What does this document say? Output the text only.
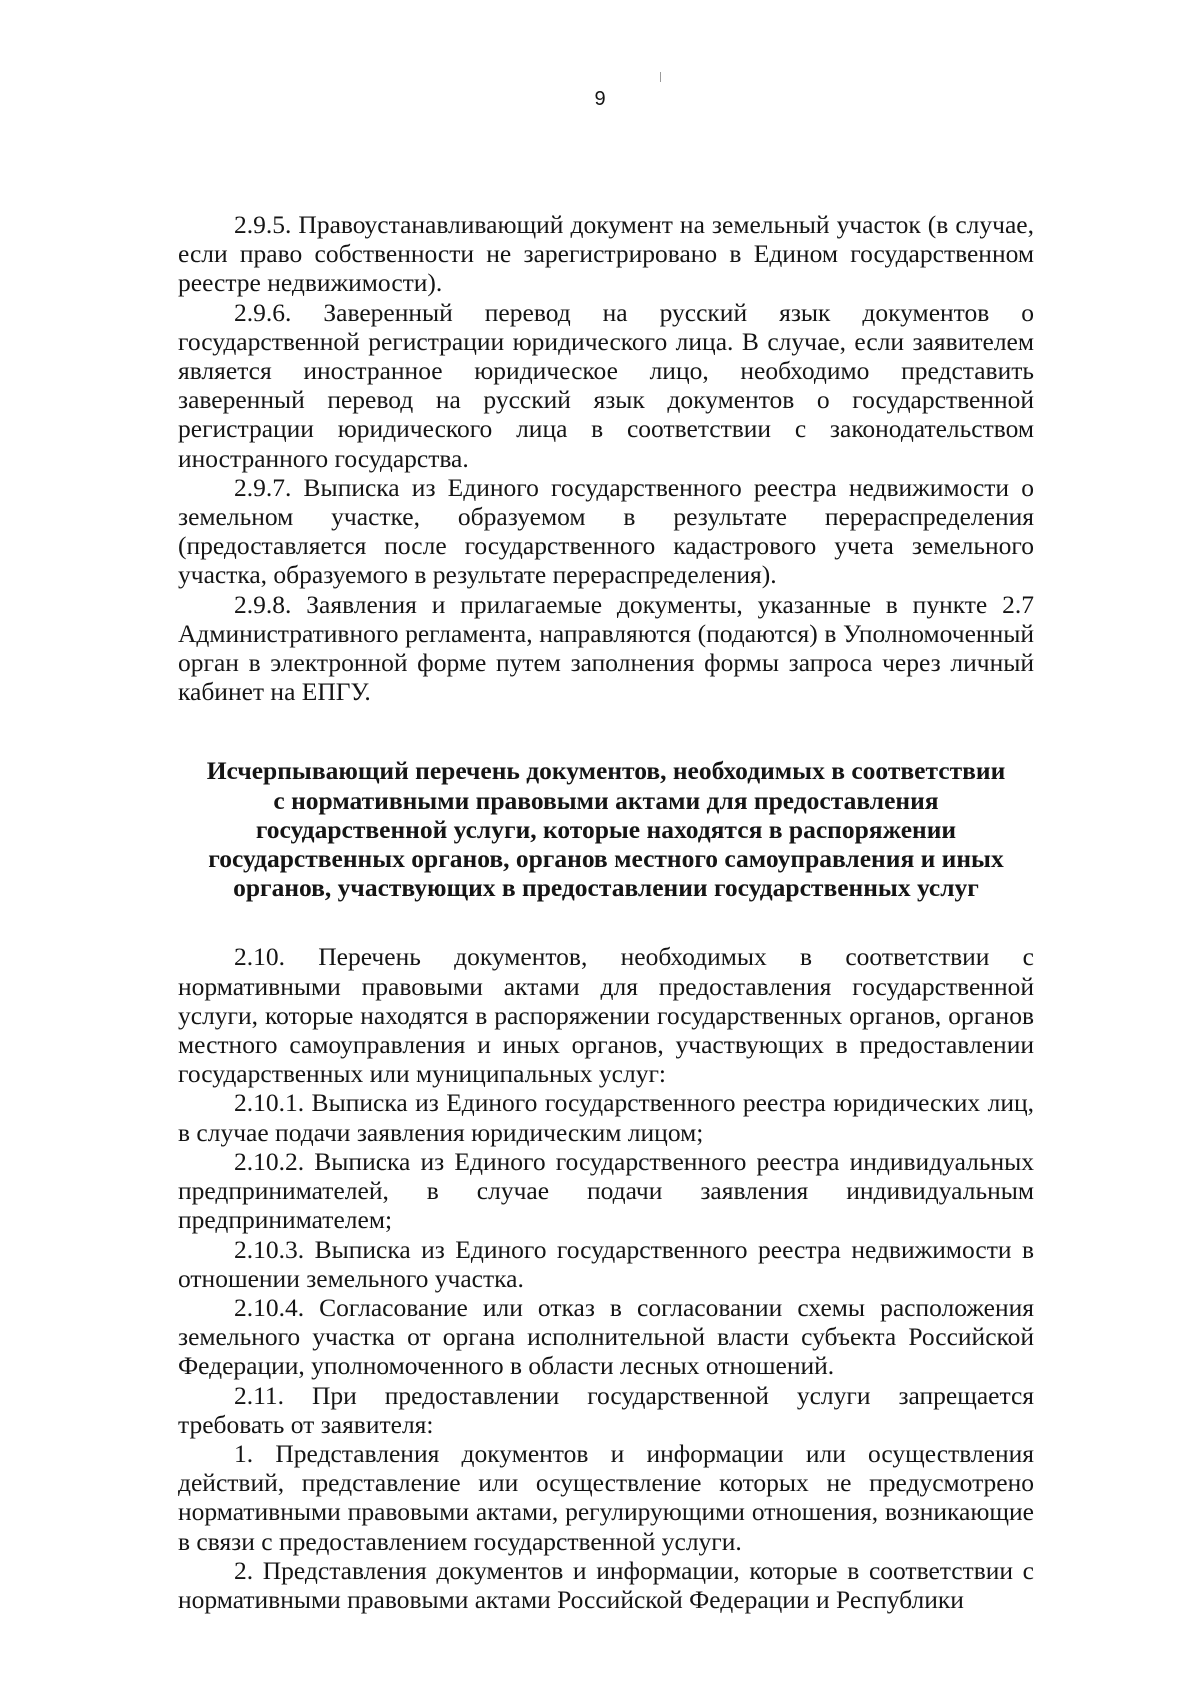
9

2.9.5. Правоустанавливающий документ на земельный участок (в случае, если право собственности не зарегистрировано в Едином государственном реестре недвижимости).

2.9.6. Заверенный перевод на русский язык документов о государственной регистрации юридического лица. В случае, если заявителем является иностранное юридическое лицо, необходимо представить заверенный перевод на русский язык документов о государственной регистрации юридического лица в соответствии с законодательством иностранного государства.

2.9.7. Выписка из Единого государственного реестра недвижимости о земельном участке, образуемом в результате перераспределения (предоставляется после государственного кадастрового учета земельного участка, образуемого в результате перераспределения).

2.9.8. Заявления и прилагаемые документы, указанные в пункте 2.7 Административного регламента, направляются (подаются) в Уполномоченный орган в электронной форме путем заполнения формы запроса через личный кабинет на ЕПГУ.

Исчерпывающий перечень документов, необходимых в соответствии с нормативными правовыми актами для предоставления государственной услуги, которые находятся в распоряжении государственных органов, органов местного самоуправления и иных органов, участвующих в предоставлении государственных услуг

2.10. Перечень документов, необходимых в соответствии с нормативными правовыми актами для предоставления государственной услуги, которые находятся в распоряжении государственных органов, органов местного самоуправления и иных органов, участвующих в предоставлении государственных или муниципальных услуг:

2.10.1. Выписка из Единого государственного реестра юридических лиц, в случае подачи заявления юридическим лицом;

2.10.2. Выписка из Единого государственного реестра индивидуальных предпринимателей, в случае подачи заявления индивидуальным предпринимателем;

2.10.3. Выписка из Единого государственного реестра недвижимости в отношении земельного участка.

2.10.4. Согласование или отказ в согласовании схемы расположения земельного участка от органа исполнительной власти субъекта Российской Федерации, уполномоченного в области лесных отношений.

2.11. При предоставлении государственной услуги запрещается требовать от заявителя:

1. Представления документов и информации или осуществления действий, представление или осуществление которых не предусмотрено нормативными правовыми актами, регулирующими отношения, возникающие в связи с предоставлением государственной услуги.

2. Представления документов и информации, которые в соответствии с нормативными правовыми актами Российской Федерации и Республики
